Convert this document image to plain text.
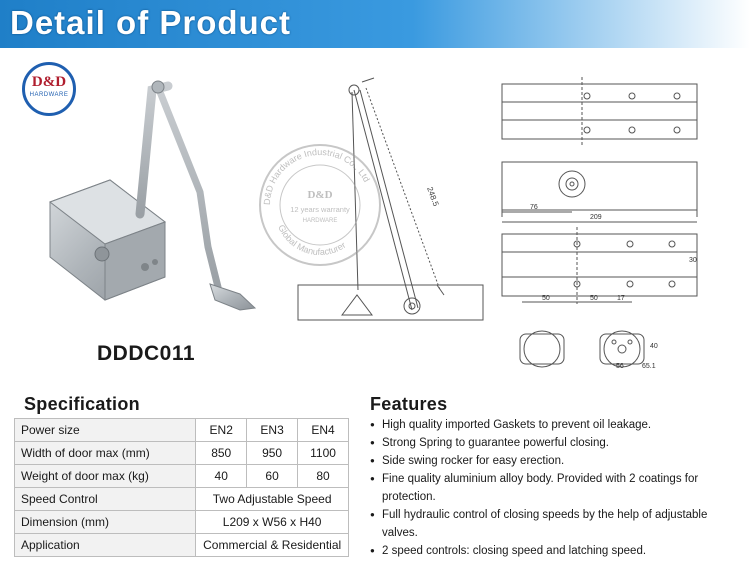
Detail of Product
D&D
HARDWARE
DDDC011
248.5	76
209
50	50	17
30
56	65.1
40
D&D Hardware Industrial Co., Ltd
Global Manufacturer
D&D
12 years warranty
HARDWARE
Specification
Power size	EN2	EN3	EN4
Width of door max (mm)	850	950	1100
Weight of door max (kg)	40	60	80
Speed Control	Two Adjustable Speed		
Dimension (mm)	L209 x W56 x H40		
Application	Commercial & Residential		
Features
● High quality imported Gaskets to prevent oil leakage.
● Strong Spring to guarantee powerful closing.
● Side swing rocker for easy erection.
● Fine quality aluminium alloy body. Provided with 2 coatings for protection.
● Full hydraulic control of closing speeds by the help of adjustable valves.
● 2 speed controls: closing speed and latching speed.
